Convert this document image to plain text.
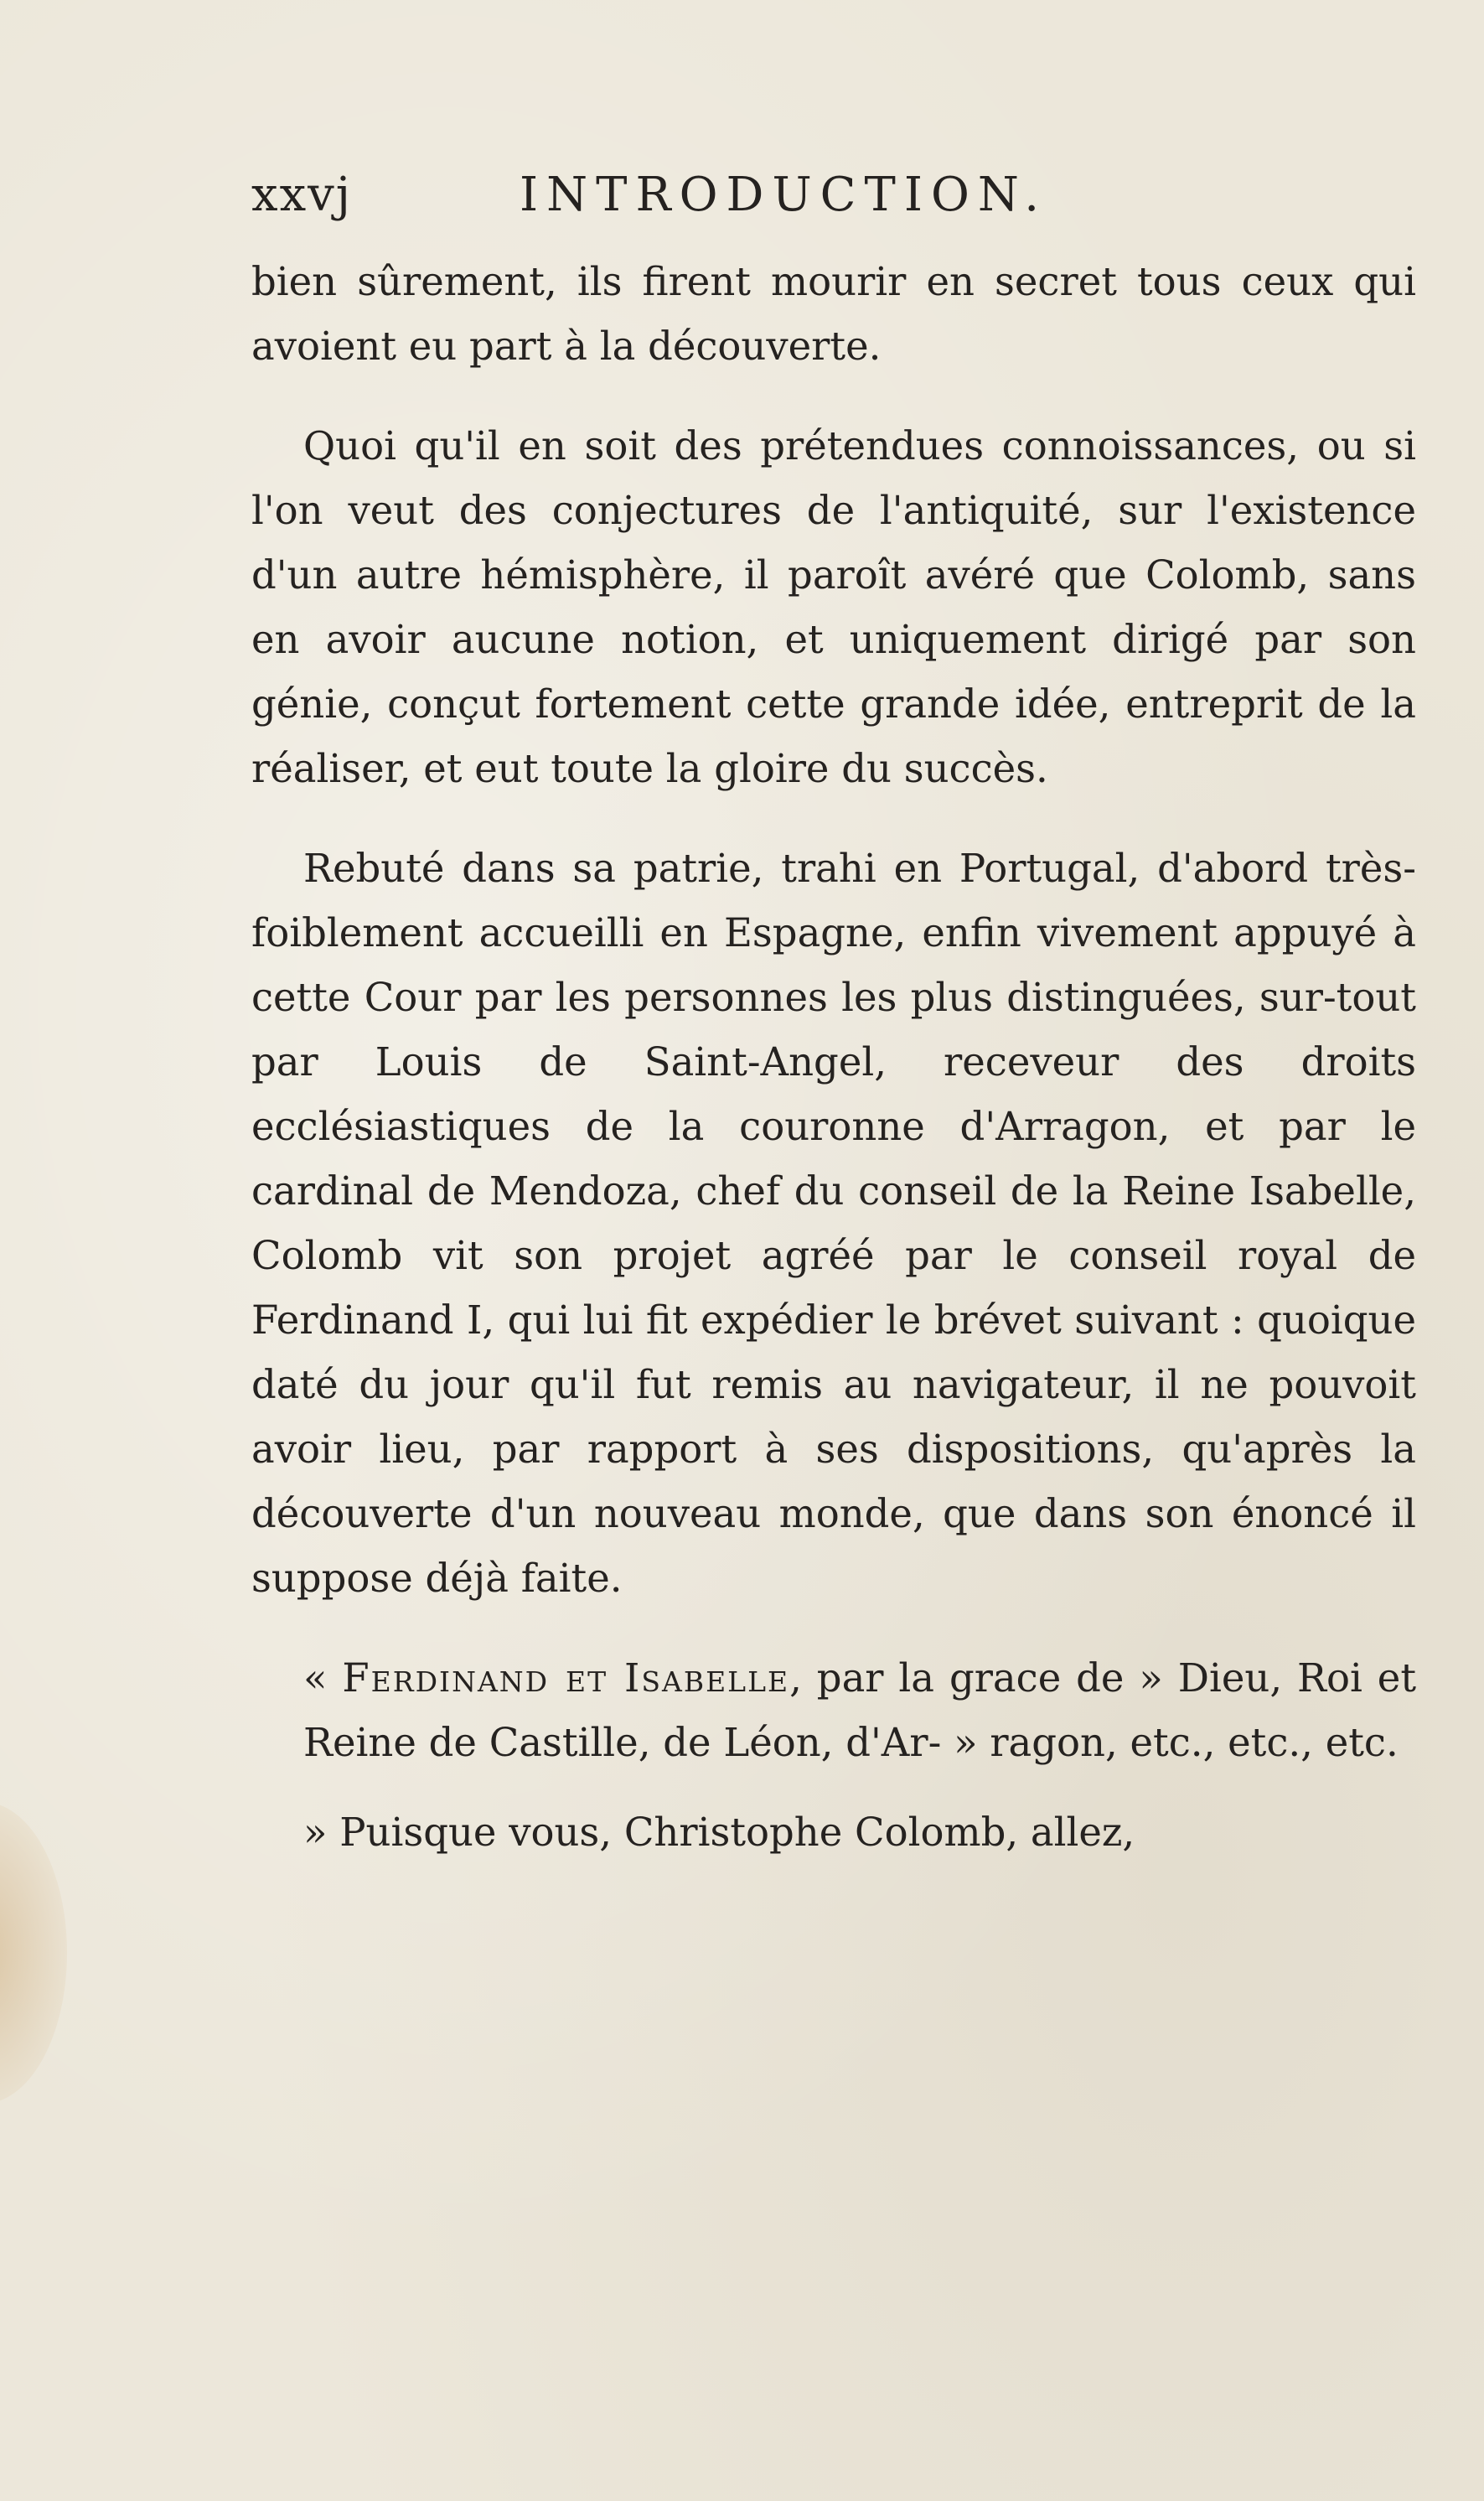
xxvj	INTRODUCTION.

bien sûrement, ils firent mourir en secret tous ceux qui avoient eu part à la découverte.

Quoi qu'il en soit des prétendues connoissances, ou si l'on veut des conjectures de l'antiquité, sur l'existence d'un autre hémisphère, il paroît avéré que Colomb, sans en avoir aucune notion, et uniquement dirigé par son génie, conçut fortement cette grande idée, entreprit de la réaliser, et eut toute la gloire du succès.

Rebuté dans sa patrie, trahi en Portugal, d'abord très-foiblement accueilli en Espagne, enfin vivement appuyé à cette Cour par les personnes les plus distinguées, sur-tout par Louis de Saint-Angel, receveur des droits ecclésiastiques de la couronne d'Arragon, et par le cardinal de Mendoza, chef du conseil de la Reine Isabelle, Colomb vit son projet agréé par le conseil royal de Ferdinand I, qui lui fit expédier le brévet suivant : quoique daté du jour qu'il fut remis au navigateur, il ne pouvoit avoir lieu, par rapport à ses dispositions, qu'après la découverte d'un nouveau monde, que dans son énoncé il suppose déjà faite.

« Ferdinand et Isabelle, par la grace de » Dieu, Roi et Reine de Castille, de Léon, d'Ar- » ragon, etc., etc., etc.

» Puisque vous, Christophe Colomb, allez,
